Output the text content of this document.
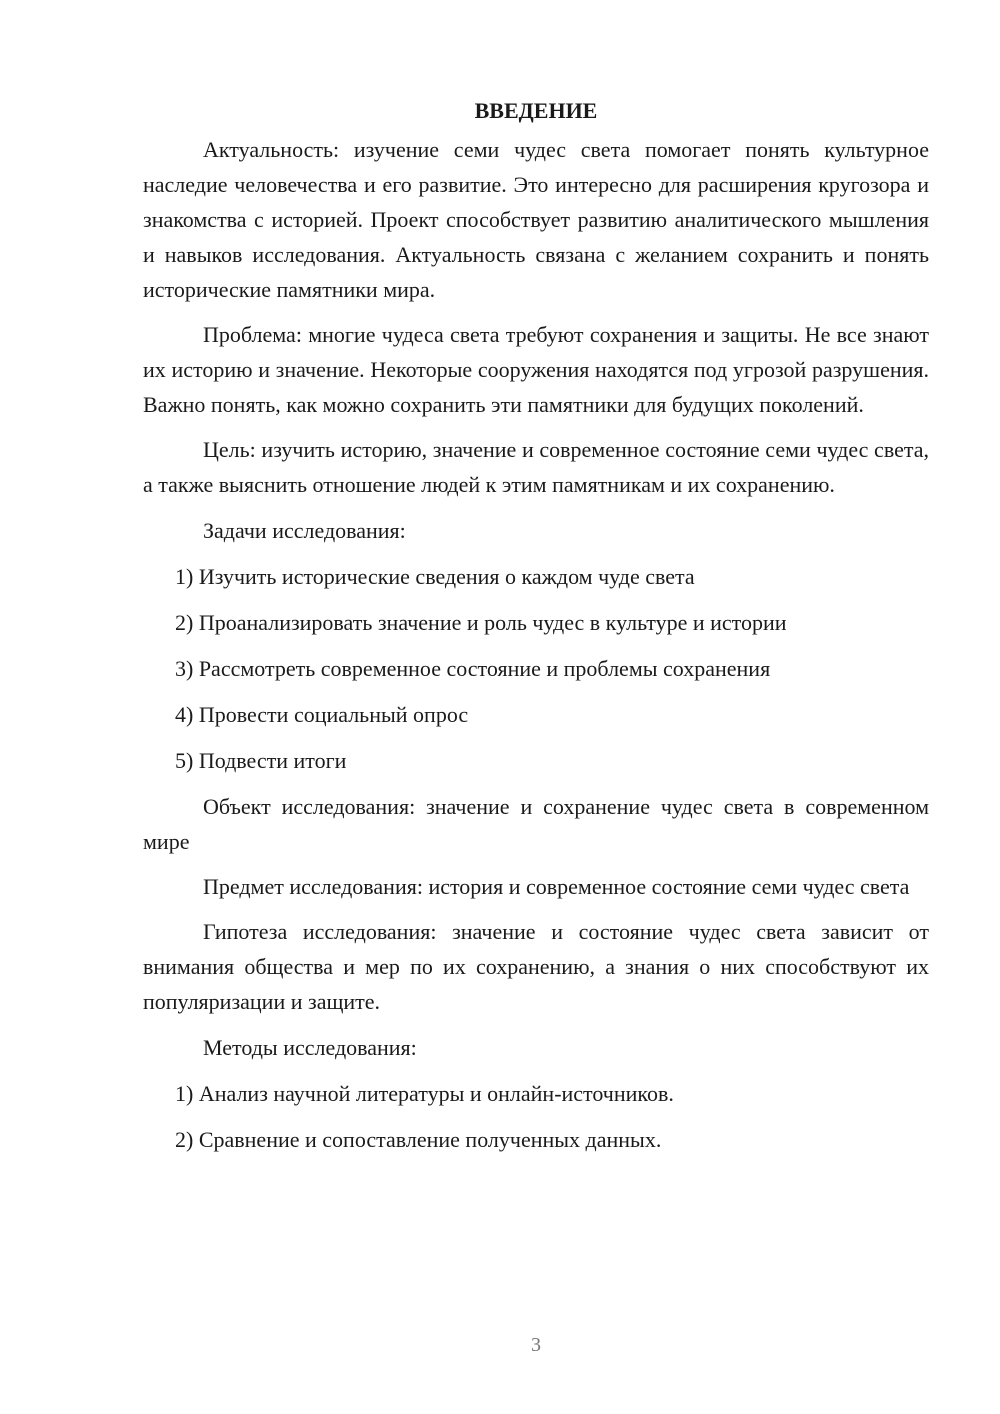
ВВЕДЕНИЕ

Актуальность: изучение семи чудес света помогает понять культурное наследие человечества и его развитие. Это интересно для расширения кругозора и знакомства с историей. Проект способствует развитию аналитического мышления и навыков исследования. Актуальность связана с желанием сохранить и понять исторические памятники мира.

Проблема: многие чудеса света требуют сохранения и защиты. Не все знают их историю и значение. Некоторые сооружения находятся под угрозой разрушения. Важно понять, как можно сохранить эти памятники для будущих поколений.

Цель: изучить историю, значение и современное состояние семи чудес света, а также выяснить отношение людей к этим памятникам и их сохранению.

Задачи исследования:

1) Изучить исторические сведения о каждом чуде света

2) Проанализировать значение и роль чудес в культуре и истории

3) Рассмотреть современное состояние и проблемы сохранения

4) Провести социальный опрос

5) Подвести итоги

Объект исследования: значение и сохранение чудес света в современном мире

Предмет исследования: история и современное состояние семи чудес света

Гипотеза исследования: значение и состояние чудес света зависит от внимания общества и мер по их сохранению, а знания о них способствуют их популяризации и защите.

Методы исследования:

1) Анализ научной литературы и онлайн-источников.

2) Сравнение и сопоставление полученных данных.

3
